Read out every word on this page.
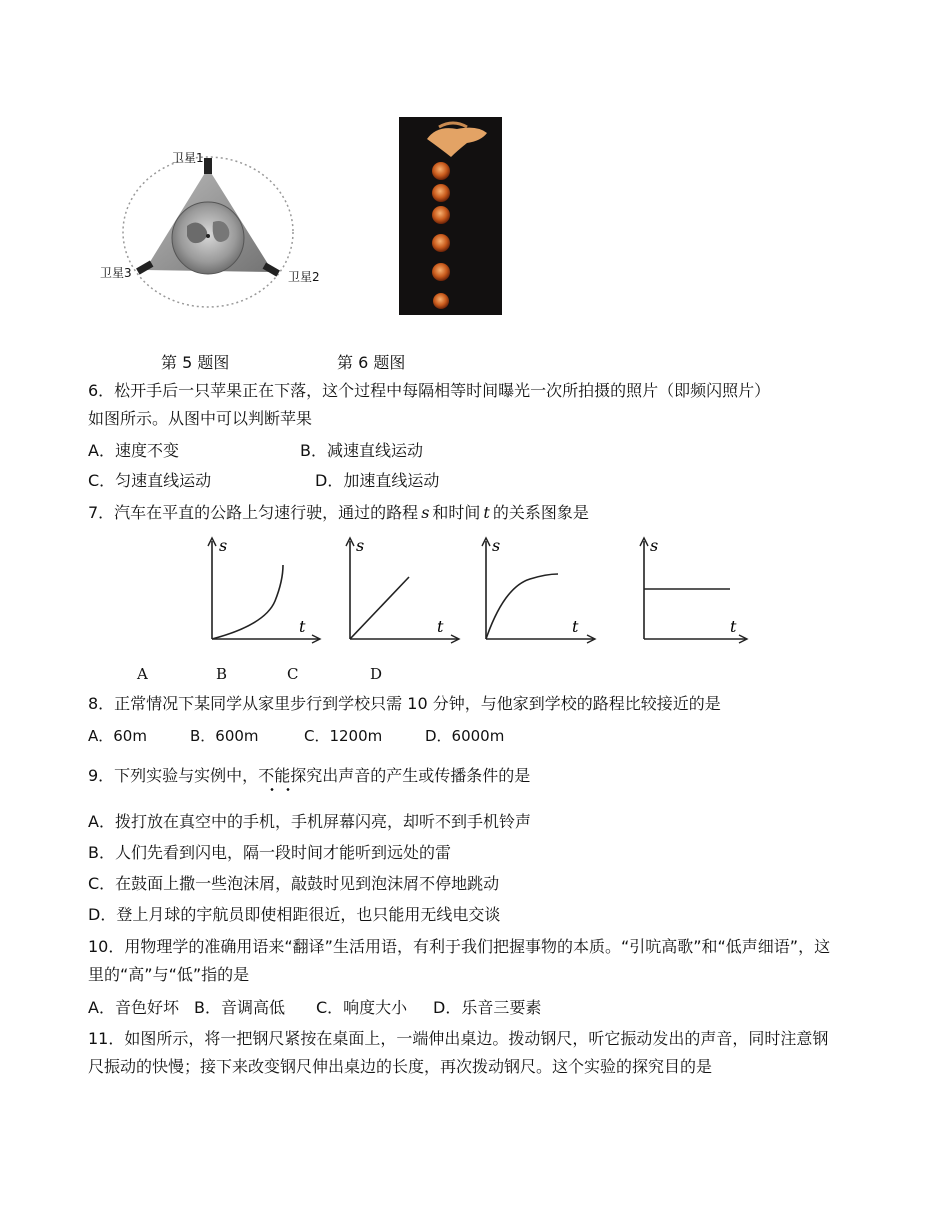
卫星1
卫星2
卫星3
第 5 题图	第 6 题图
6．松开手后一只苹果正在下落，这个过程中每隔相等时间曝光一次所拍摄的照片（即频闪照片）
如图所示。从图中可以判断苹果
A．速度不变	B．减速直线运动
C．匀速直线运动	D．加速直线运动
7．汽车在平直的公路上匀速行驶，通过的路程 s 和时间 t 的关系图象是
s
t
s
t
s
t
s
t
A	B	C	D
8．正常情况下某同学从家里步行到学校只需 10 分钟，与他家到学校的路程比较接近的是
A．60m	B．600m	C．1200m	D．6000m
9．下列实验与实例中，不能探究出声音的产生或传播条件的是
A．拨打放在真空中的手机，手机屏幕闪亮，却听不到手机铃声
B．人们先看到闪电，隔一段时间才能听到远处的雷
C．在鼓面上撒一些泡沫屑，敲鼓时见到泡沫屑不停地跳动
D．登上月球的宇航员即使相距很近，也只能用无线电交谈
10．用物理学的准确用语来“翻译”生活用语，有利于我们把握事物的本质。“引吭高歌”和“低声细语”，这
里的“高”与“低”指的是
A．音色好坏 B．音调高低 C．响度大小 D．乐音三要素
11．如图所示，将一把钢尺紧按在桌面上，一端伸出桌边。拨动钢尺，听它振动发出的声音，同时注意钢
尺振动的快慢；接下来改变钢尺伸出桌边的长度，再次拨动钢尺。这个实验的探究目的是
